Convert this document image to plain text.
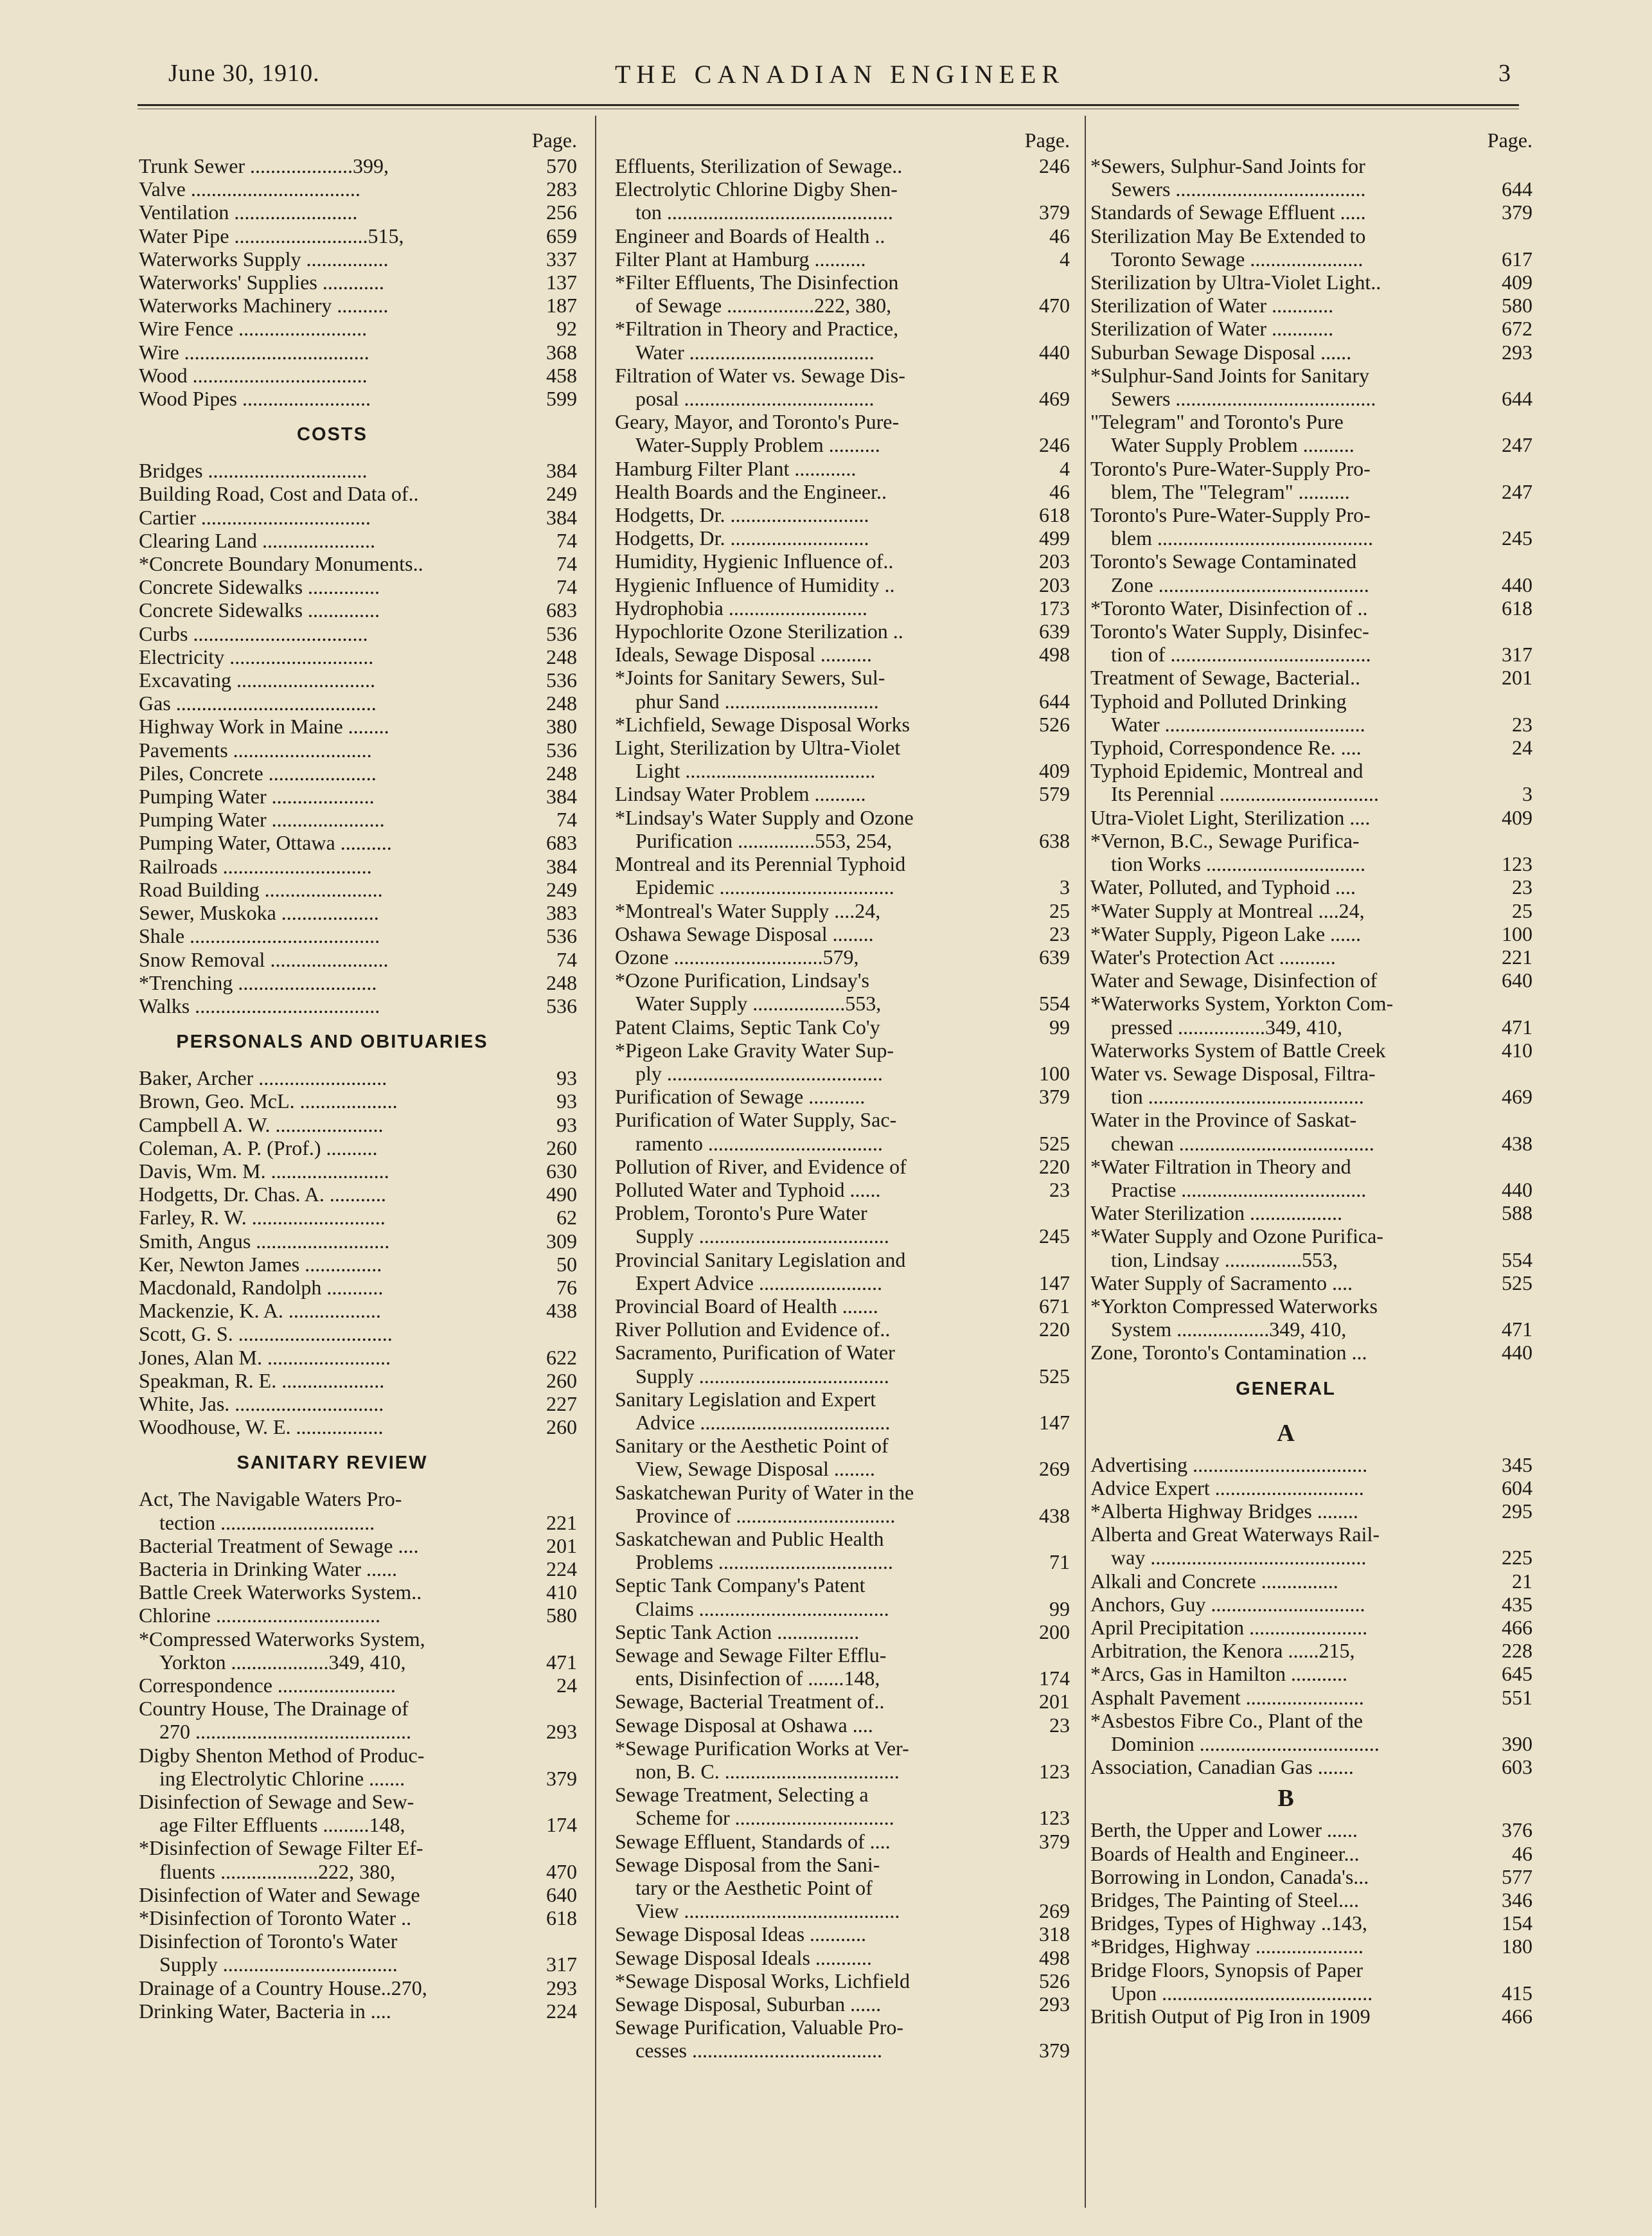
June 30, 1910.	THE CANADIAN ENGINEER	3
Page.
Trunk Sewer ....................399,	570
Valve .................................	283
Ventilation ........................	256
Water Pipe ..........................515,	659
Waterworks Supply ................	337
Waterworks' Supplies ............	137
Waterworks Machinery ..........	187
Wire Fence .........................	92
Wire ....................................	368
Wood ..................................	458
Wood Pipes .........................	599
COSTS
Bridges ...............................	384
Building Road, Cost and Data of..	249
Cartier .................................	384
Clearing Land ......................	74
*Concrete Boundary Monuments..	74
Concrete Sidewalks ..............	74
Concrete Sidewalks ..............	683
Curbs ..................................	536
Electricity ............................	248
Excavating ...........................	536
Gas .......................................	248
Highway Work in Maine ........	380
Pavements ...........................	536
Piles, Concrete .....................	248
Pumping Water ....................	384
Pumping Water ......................	74
Pumping Water, Ottawa ..........	683
Railroads .............................	384
Road Building .......................	249
Sewer, Muskoka ...................	383
Shale .....................................	536
Snow Removal .......................	74
*Trenching ...........................	248
Walks ....................................	536
PERSONALS AND OBITUARIES
Baker, Archer .........................	93
Brown, Geo. McL. ...................	93
Campbell A. W. .....................	93
Coleman, A. P. (Prof.) ..........	260
Davis, Wm. M. .......................	630
Hodgetts, Dr. Chas. A. ...........	490
Farley, R. W. ..........................	62
Smith, Angus ..........................	309
Ker, Newton James ...............	50
Macdonald, Randolph ...........	76
Mackenzie, K. A. ..................	438
Scott, G. S. ..............................
Jones, Alan M. ........................	622
Speakman, R. E. ....................	260
White, Jas. .............................	227
Woodhouse, W. E. .................	260
SANITARY REVIEW
Act, The Navigable Waters Pro-
tection ..............................	221
Bacterial Treatment of Sewage ....	201
Bacteria in Drinking Water ......	224
Battle Creek Waterworks System..	410
Chlorine ................................	580
*Compressed Waterworks System,
Yorkton ...................349, 410,	471
Correspondence .......................	24
Country House, The Drainage of
270 ..........................................	293
Digby Shenton Method of Produc-
ing Electrolytic Chlorine .......	379
Disinfection of Sewage and Sew-
age Filter Effluents .........148,	174
*Disinfection of Sewage Filter Ef-
fluents ...................222, 380,	470
Disinfection of Water and Sewage	640
*Disinfection of Toronto Water ..	618
Disinfection of Toronto's Water
Supply ..................................	317
Drainage of a Country House..270,	293
Drinking Water, Bacteria in ....	224
Page.
Effluents, Sterilization of Sewage..	246
Electrolytic Chlorine Digby Shen-
ton ............................................	379
Engineer and Boards of Health ..	46
Filter Plant at Hamburg ..........	4
*Filter Effluents, The Disinfection
of Sewage .................222, 380,	470
*Filtration in Theory and Practice,
Water ....................................	440
Filtration of Water vs. Sewage Dis-
posal .....................................	469
Geary, Mayor, and Toronto's Pure-
Water-Supply Problem ..........	246
Hamburg Filter Plant ............	4
Health Boards and the Engineer..	46
Hodgetts, Dr. ...........................	618
Hodgetts, Dr. ...........................	499
Humidity, Hygienic Influence of..	203
Hygienic Influence of Humidity ..	203
Hydrophobia ...........................	173
Hypochlorite Ozone Sterilization ..	639
Ideals, Sewage Disposal ..........	498
*Joints for Sanitary Sewers, Sul-
phur Sand ..............................	644
*Lichfield, Sewage Disposal Works	526
Light, Sterilization by Ultra-Violet
Light .....................................	409
Lindsay Water Problem ..........	579
*Lindsay's Water Supply and Ozone
Purification ...............553, 254,	638
Montreal and its Perennial Typhoid
Epidemic ..................................	3
*Montreal's Water Supply ....24,	25
Oshawa Sewage Disposal ........	23
Ozone .............................579,	639
*Ozone Purification, Lindsay's
Water Supply ..................553,	554
Patent Claims, Septic Tank Co'y	99
*Pigeon Lake Gravity Water Sup-
ply ..........................................	100
Purification of Sewage ...........	379
Purification of Water Supply, Sac-
ramento ..................................	525
Pollution of River, and Evidence of	220
Polluted Water and Typhoid ......	23
Problem, Toronto's Pure Water
Supply .....................................	245
Provincial Sanitary Legislation and
Expert Advice ........................	147
Provincial Board of Health .......	671
River Pollution and Evidence of..	220
Sacramento, Purification of Water
Supply .....................................	525
Sanitary Legislation and Expert
Advice .....................................	147
Sanitary or the Aesthetic Point of
View, Sewage Disposal ........	269
Saskatchewan Purity of Water in the
Province of ...............................	438
Saskatchewan and Public Health
Problems ..................................	71
Septic Tank Company's Patent
Claims .....................................	99
Septic Tank Action ................	200
Sewage and Sewage Filter Efflu-
ents, Disinfection of .......148,	174
Sewage, Bacterial Treatment of..	201
Sewage Disposal at Oshawa ....	23
*Sewage Purification Works at Ver-
non, B. C. ..................................	123
Sewage Treatment, Selecting a
Scheme for ...............................	123
Sewage Effluent, Standards of ....	379
Sewage Disposal from the Sani-
tary or the Aesthetic Point of
View ..........................................	269
Sewage Disposal Ideas ...........	318
Sewage Disposal Ideals ...........	498
*Sewage Disposal Works, Lichfield	526
Sewage Disposal, Suburban ......	293
Sewage Purification, Valuable Pro-
cesses .....................................	379
Page.
*Sewers, Sulphur-Sand Joints for
Sewers .....................................	644
Standards of Sewage Effluent .....	379
Sterilization May Be Extended to
Toronto Sewage ......................	617
Sterilization by Ultra-Violet Light..	409
Sterilization of Water ............	580
Sterilization of Water ............	672
Suburban Sewage Disposal ......	293
*Sulphur-Sand Joints for Sanitary
Sewers .......................................	644
"Telegram" and Toronto's Pure
Water Supply Problem ..........	247
Toronto's Pure-Water-Supply Pro-
blem, The "Telegram" ..........	247
Toronto's Pure-Water-Supply Pro-
blem ..........................................	245
Toronto's Sewage Contaminated
Zone .........................................	440
*Toronto Water, Disinfection of ..	618
Toronto's Water Supply, Disinfec-
tion of .......................................	317
Treatment of Sewage, Bacterial..	201
Typhoid and Polluted Drinking
Water .......................................	23
Typhoid, Correspondence Re. ....	24
Typhoid Epidemic, Montreal and
Its Perennial ...............................	3
Utra-Violet Light, Sterilization ....	409
*Vernon, B.C., Sewage Purifica-
tion Works ...............................	123
Water, Polluted, and Typhoid ....	23
*Water Supply at Montreal ....24,	25
*Water Supply, Pigeon Lake ......	100
Water's Protection Act ...........	221
Water and Sewage, Disinfection of	640
*Waterworks System, Yorkton Com-
pressed .................349, 410,	471
Waterworks System of Battle Creek	410
Water vs. Sewage Disposal, Filtra-
tion ..........................................	469
Water in the Province of Saskat-
chewan ......................................	438
*Water Filtration in Theory and
Practise ....................................	440
Water Sterilization ..................	588
*Water Supply and Ozone Purifica-
tion, Lindsay ...............553,	554
Water Supply of Sacramento ....	525
*Yorkton Compressed Waterworks
System ..................349, 410,	471
Zone, Toronto's Contamination ...	440
GENERAL
A
Advertising ..................................	345
Advice Expert .............................	604
*Alberta Highway Bridges ........	295
Alberta and Great Waterways Rail-
way ..........................................	225
Alkali and Concrete ...............	21
Anchors, Guy ..............................	435
April Precipitation .......................	466
Arbitration, the Kenora ......215,	228
*Arcs, Gas in Hamilton ...........	645
Asphalt Pavement .......................	551
*Asbestos Fibre Co., Plant of the
Dominion ...................................	390
Association, Canadian Gas .......	603
B
Berth, the Upper and Lower ......	376
Boards of Health and Engineer...	46
Borrowing in London, Canada's...	577
Bridges, The Painting of Steel....	346
Bridges, Types of Highway ..143,	154
*Bridges, Highway .....................	180
Bridge Floors, Synopsis of Paper
Upon .........................................	415
British Output of Pig Iron in 1909	466
